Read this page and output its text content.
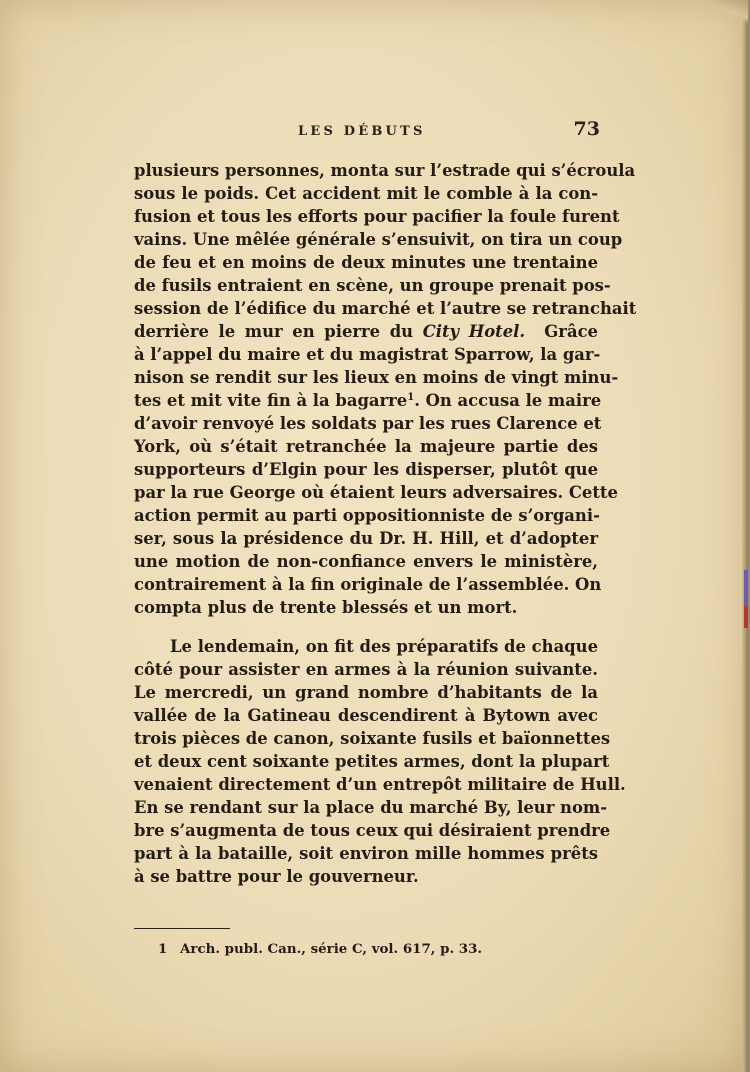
LES DÉBUTS	73
plusieurs personnes, monta sur l’estrade qui s’écroula
sous le poids. Cet accident mit le comble à la con-
fusion et tous les efforts pour pacifier la foule furent
vains. Une mêlée générale s’ensuivit, on tira un coup
de feu et en moins de deux minutes une trentaine
de fusils entraient en scène, un groupe prenait pos-
session de l’édifice du marché et l’autre se retranchait
derrière le mur en pierre du City Hotel.  Grâce
à l’appel du maire et du magistrat Sparrow, la gar-
nison se rendit sur les lieux en moins de vingt minu-
tes et mit vite fin à la bagarre$^1$. On accusa le maire
d’avoir renvoyé les soldats par les rues Clarence et
York, où s’était retranchée la majeure partie des
supporteurs d’Elgin pour les disperser, plutôt que
par la rue George où étaient leurs adversaires. Cette
action permit au parti oppositionniste de s’organi-
ser, sous la présidence du Dr. H. Hill, et d’adopter
une motion de non-confiance envers le ministère,
contrairement à la fin originale de l’assemblée. On
compta plus de trente blessés et un mort.
Le lendemain, on fit des préparatifs de chaque
côté pour assister en armes à la réunion suivante.
Le mercredi, un grand nombre d’habitants de la
vallée de la Gatineau descendirent à Bytown avec
trois pièces de canon, soixante fusils et baïonnettes
et deux cent soixante petites armes, dont la plupart
venaient directement d’un entrepôt militaire de Hull.
En se rendant sur la place du marché By, leur nom-
bre s’augmenta de tous ceux qui désiraient prendre
part à la bataille, soit environ mille hommes prêts
à se battre pour le gouverneur.
1 Arch. publ. Can., série C, vol. 617, p. 33.
